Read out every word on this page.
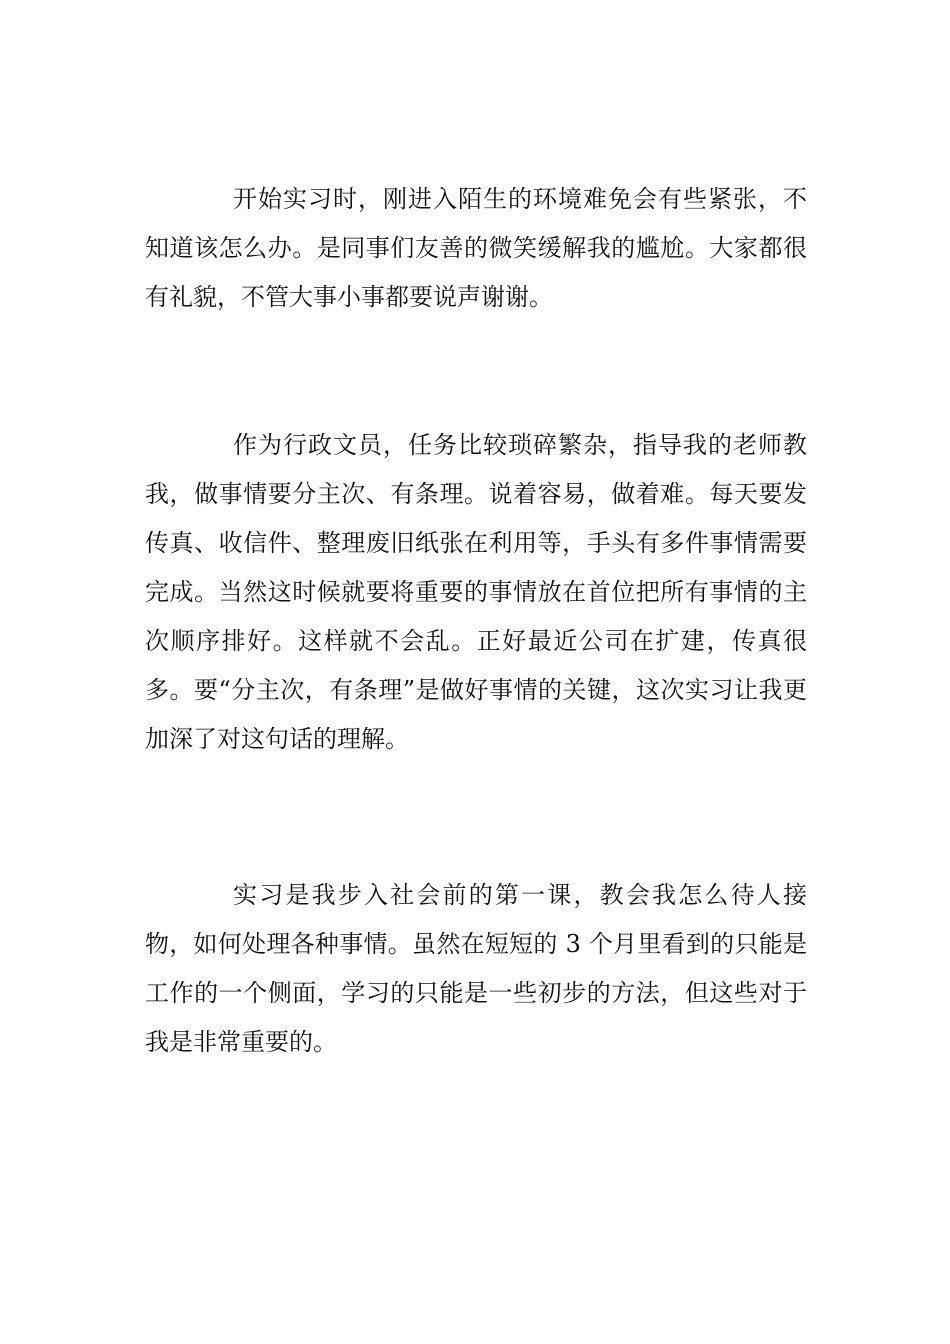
开始实习时，刚进入陌生的环境难免会有些紧张，不知道该怎么办。是同事们友善的微笑缓解我的尴尬。大家都很有礼貌，不管大事小事都要说声谢谢。

作为行政文员，任务比较琐碎繁杂，指导我的老师教我，做事情要分主次、有条理。说着容易，做着难。每天要发传真、收信件、整理废旧纸张在利用等，手头有多件事情需要完成。当然这时候就要将重要的事情放在首位把所有事情的主次顺序排好。这样就不会乱。正好最近公司在扩建，传真很多。要“分主次，有条理”是做好事情的关键，这次实习让我更加深了对这句话的理解。

实习是我步入社会前的第一课，教会我怎么待人接物，如何处理各种事情。虽然在短短的 3 个月里看到的只能是工作的一个侧面，学习的只能是一些初步的方法，但这些对于我是非常重要的。
